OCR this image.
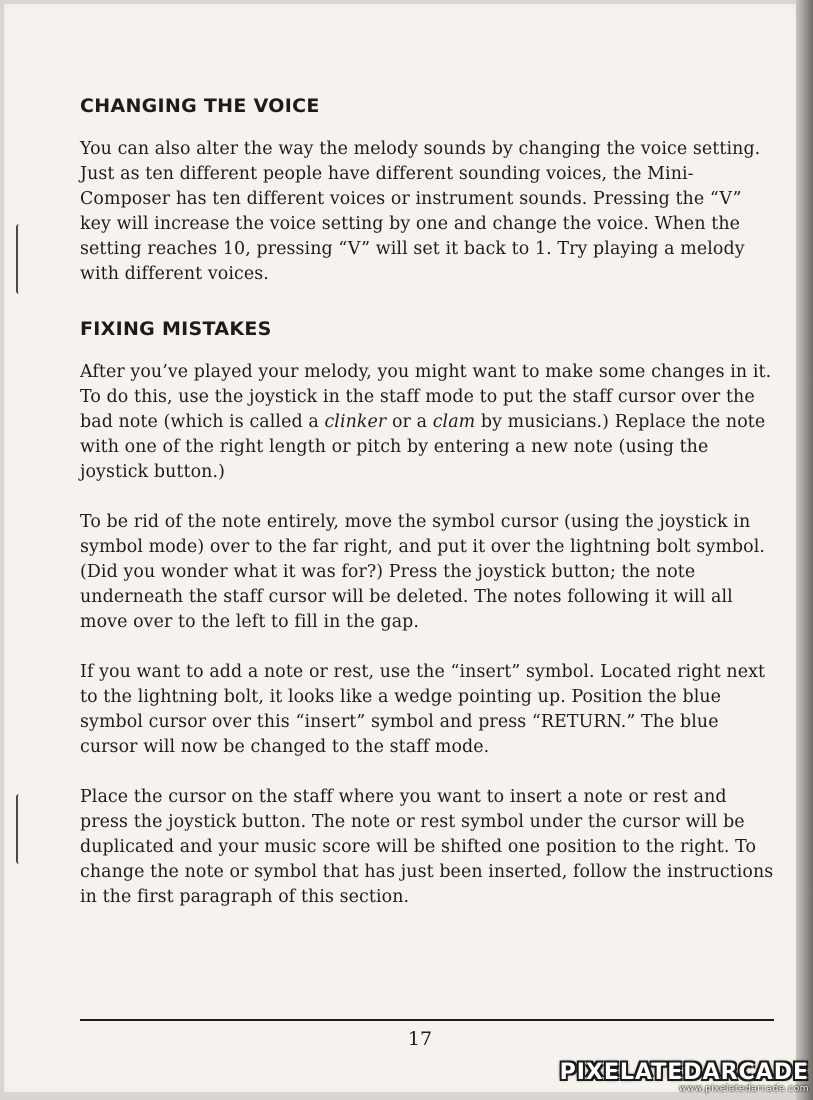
CHANGING THE VOICE

You can also alter the way the melody sounds by changing the voice setting. Just as ten different people have different sounding voices, the Mini-Composer has ten different voices or instrument sounds. Pressing the “V” key will increase the voice setting by one and change the voice. When the setting reaches 10, pressing “V” will set it back to 1. Try playing a melody with different voices.

FIXING MISTAKES

After you’ve played your melody, you might want to make some changes in it. To do this, use the joystick in the staff mode to put the staff cursor over the bad note (which is called a clinker or a clam by musicians.) Replace the note with one of the right length or pitch by entering a new note (using the joystick button.)

To be rid of the note entirely, move the symbol cursor (using the joystick in symbol mode) over to the far right, and put it over the lightning bolt symbol. (Did you wonder what it was for?) Press the joystick button; the note underneath the staff cursor will be deleted. The notes following it will all move over to the left to fill in the gap.

If you want to add a note or rest, use the “insert” symbol. Located right next to the lightning bolt, it looks like a wedge pointing up. Position the blue symbol cursor over this “insert” symbol and press “RETURN.” The blue cursor will now be changed to the staff mode.

Place the cursor on the staff where you want to insert a note or rest and press the joystick button. The note or rest symbol under the cursor will be duplicated and your music score will be shifted one position to the right. To change the note or symbol that has just been inserted, follow the instructions in the first paragraph of this section.

17
PIXELATEDARCADE
www.pixelatedarcade.com
